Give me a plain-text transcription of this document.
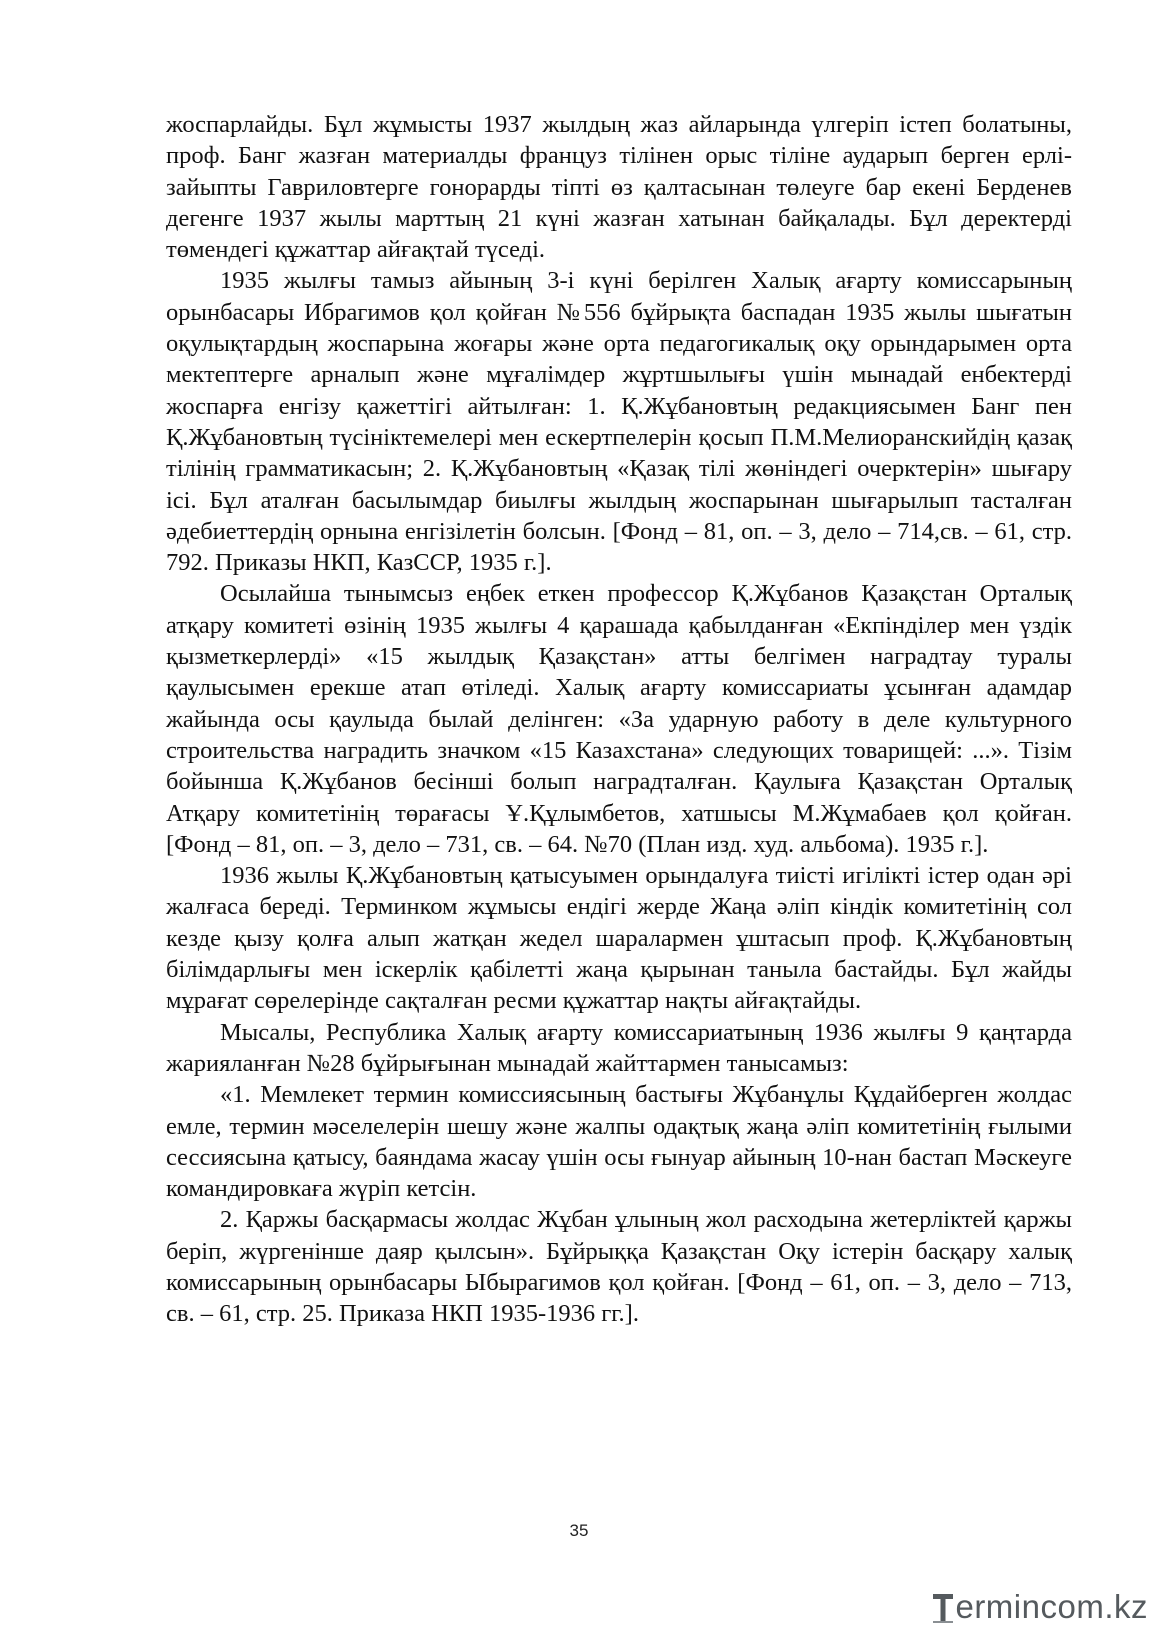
жоспарлайды. Бұл жұмысты 1937 жылдың жаз айларында үлгеріп істеп болатыны, проф. Банг жазған материалды француз тілінен орыс тіліне аударып берген ерлі-зайыпты Гавриловтерге гонорарды тіпті өз қалтасынан төлеуге бар екені Берденев дегенге 1937 жылы марттың 21 күні жазған хатынан байқалады. Бұл деректерді төмендегі құжаттар айғақтай түседі.

1935 жылғы тамыз айының 3-і күні берілген Халық ағарту комиссарының орынбасары Ибрагимов қол қойған №556 бұйрықта баспадан 1935 жылы шығатын оқулықтардың жоспарына жоғары және орта педагогикалық оқу орындарымен орта мектептерге арналып және мұғалімдер жұртшылығы үшін мынадай енбектерді жоспарға енгізу қажеттігі айтылған: 1. Қ.Жұбановтың редакциясымен Банг пен Қ.Жұбановтың түсініктемелері мен ескертпелерін қосып П.М.Мелиоранскийдің қазақ тілінің грамматикасын; 2. Қ.Жұбановтың «Қазақ тілі жөніндегі очерктерін» шығару ісі. Бұл аталған басылымдар биылғы жылдың жоспарынан шығарылып тасталған әдебиеттердің орнына енгізілетін болсын. [Фонд – 81, оп. – 3, дело – 714,св. – 61, стр. 792. Приказы НКП, КазССР, 1935 г.].

Осылайша тынымсыз еңбек еткен профессор Қ.Жұбанов Қазақстан Орталық атқару комитеті өзінің 1935 жылғы 4 қарашада қабылданған «Екпінділер мен үздік қызметкерлерді» «15 жылдық Қазақстан» атты белгімен наградтау туралы қаулысымен ерекше атап өтіледі. Халық ағарту комиссариаты ұсынған адамдар жайында осы қаулыда былай делінген: «За ударную работу в деле культурного строительства наградить значком «15 Казахстана» следующих товарищей: ...». Тізім бойынша Қ.Жұбанов бесінші болып наградталған. Қаулыға Қазақстан Орталық Атқару комитетінің төрағасы Ұ.Құлымбетов, хатшысы М.Жұмабаев қол қойған. [Фонд – 81, оп. – 3, дело – 731, св. – 64. №70 (План изд. худ. альбома). 1935 г.].

1936 жылы Қ.Жұбановтың қатысуымен орындалуға тиісті игілікті істер одан әрі жалғаса береді. Терминком жұмысы ендігі жерде Жаңа әліп кіндік комитетінің сол кезде қызу қолға алып жатқан жедел шаралармен ұштасып проф. Қ.Жұбановтың білімдарлығы мен іскерлік қабілетті жаңа қырынан таныла бастайды. Бұл жайды мұрағат сөрелерінде сақталған ресми құжаттар нақты айғақтайды.

Мысалы, Республика Халық ағарту комиссариатының 1936 жылғы 9 қаңтарда жарияланған №28 бұйрығынан мынадай жайттармен танысамыз:

«1. Мемлекет термин комиссиясының бастығы Жұбанұлы Құдайберген жолдас емле, термин мәселелерін шешу және жалпы одақтық жаңа әліп комитетінің ғылыми сессиясына қатысу, баяндама жасау үшін осы ғынуар айының 10-нан бастап Мәскеуге командировкаға жүріп кетсін.

2. Қаржы басқармасы жолдас Жұбан ұлының жол расходына жетерліктей қаржы беріп, жүргенінше даяр қылсын». Бұйрыққа Қазақстан Оқу істерін басқару халық комиссарының орынбасары Ыбырагимов қол қойған. [Фонд – 61, оп. – 3, дело – 713, св. – 61, стр. 25. Приказа НКП 1935-1936 гг.].

35
ermincom.kz
